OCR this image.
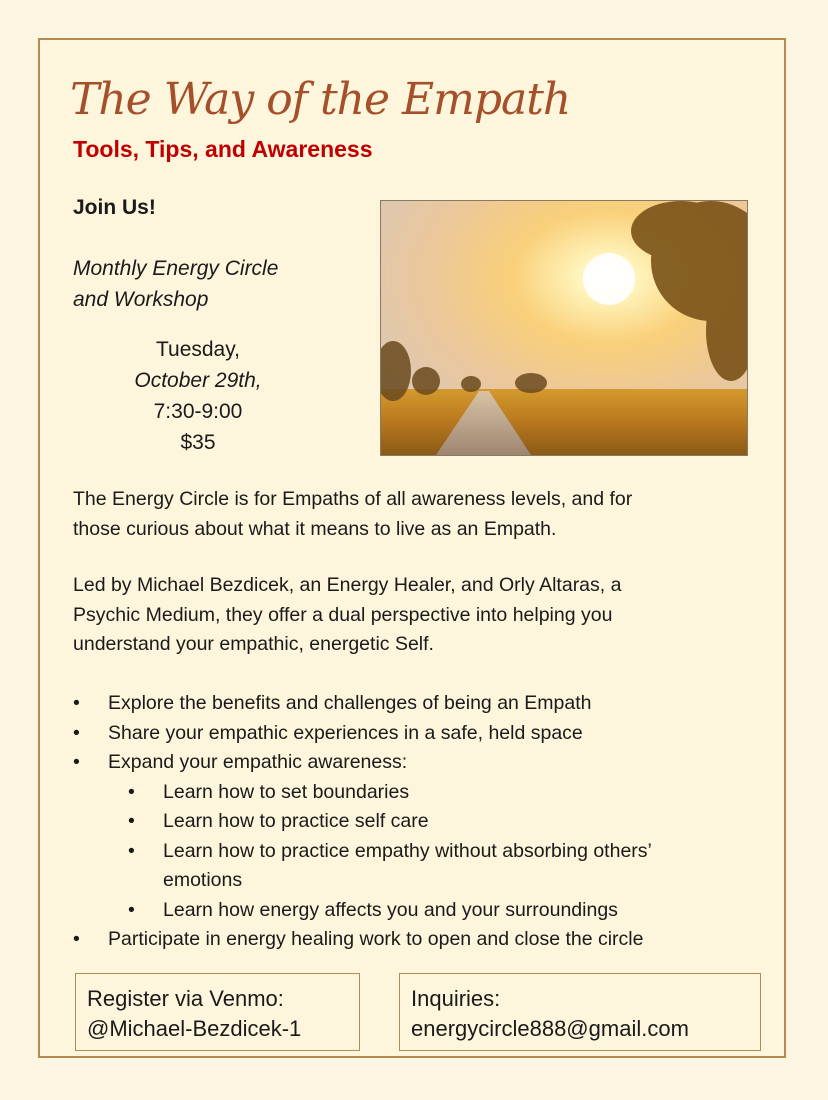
The Way of the Empath
Tools, Tips, and Awareness
Join Us!
Monthly Energy Circle
and Workshop
Tuesday,
October 29th,
7:30-9:00
$35

The Energy Circle is for Empaths of all awareness levels, and for
those curious about what it means to live as an Empath.

Led by Michael Bezdicek, an Energy Healer, and Orly Altaras, a
Psychic Medium, they offer a dual perspective into helping you
understand your empathic, energetic Self.

• Explore the benefits and challenges of being an Empath
• Share your empathic experiences in a safe, held space
• Expand your empathic awareness:
• Learn how to set boundaries
• Learn how to practice self care
• Learn how to practice empathy without absorbing others’
emotions
• Learn how energy affects you and your surroundings
• Participate in energy healing work to open and close the circle
Register via Venmo:
@Michael-Bezdicek-1
Inquiries:
energycircle888@gmail.com
